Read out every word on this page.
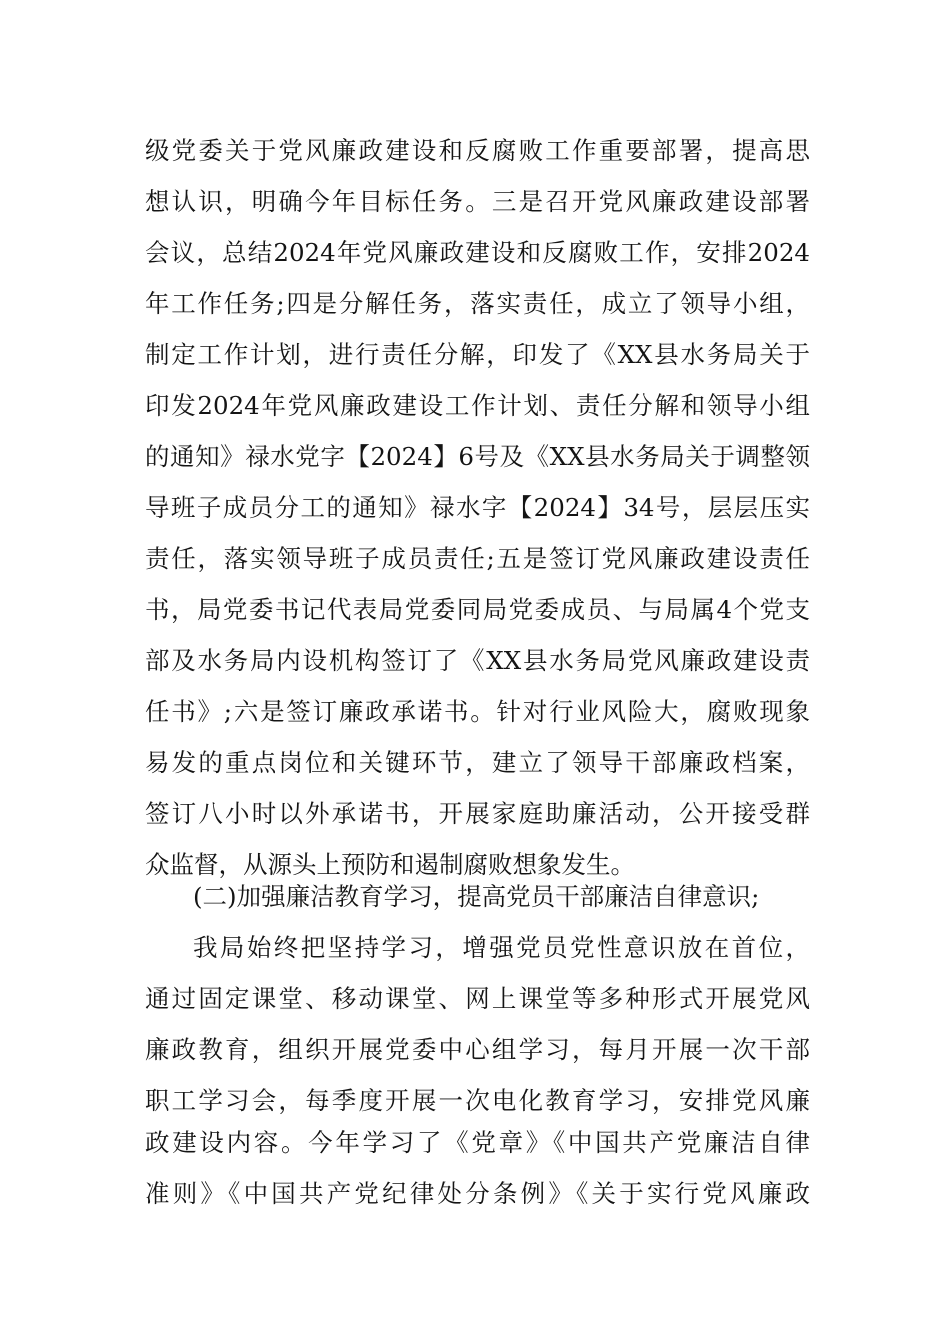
级党委关于党风廉政建设和反腐败工作重要部署，提高思
想认识，明确今年目标任务。三是召开党风廉政建设部署
会议，总结2024年党风廉政建设和反腐败工作，安排2024
年工作任务;四是分解任务，落实责任，成立了领导小组，
制定工作计划，进行责任分解，印发了《XX县水务局关于
印发2024年党风廉政建设工作计划、责任分解和领导小组
的通知》禄水党字【2024】6号及《XX县水务局关于调整领
导班子成员分工的通知》禄水字【2024】34号，层层压实
责任，落实领导班子成员责任;五是签订党风廉政建设责任
书，局党委书记代表局党委同局党委成员、与局属4个党支
部及水务局内设机构签订了《XX县水务局党风廉政建设责
任书》;六是签订廉政承诺书。针对行业风险大，腐败现象
易发的重点岗位和关键环节，建立了领导干部廉政档案，
签订八小时以外承诺书，开展家庭助廉活动，公开接受群
众监督，从源头上预防和遏制腐败想象发生。
(二)加强廉洁教育学习，提高党员干部廉洁自律意识;
我局始终把坚持学习，增强党员党性意识放在首位，
通过固定课堂、移动课堂、网上课堂等多种形式开展党风
廉政教育，组织开展党委中心组学习，每月开展一次干部
职工学习会，每季度开展一次电化教育学习，安排党风廉
政建设内容。今年学习了《党章》《中国共产党廉洁自律
准则》《中国共产党纪律处分条例》《关于实行党风廉政
